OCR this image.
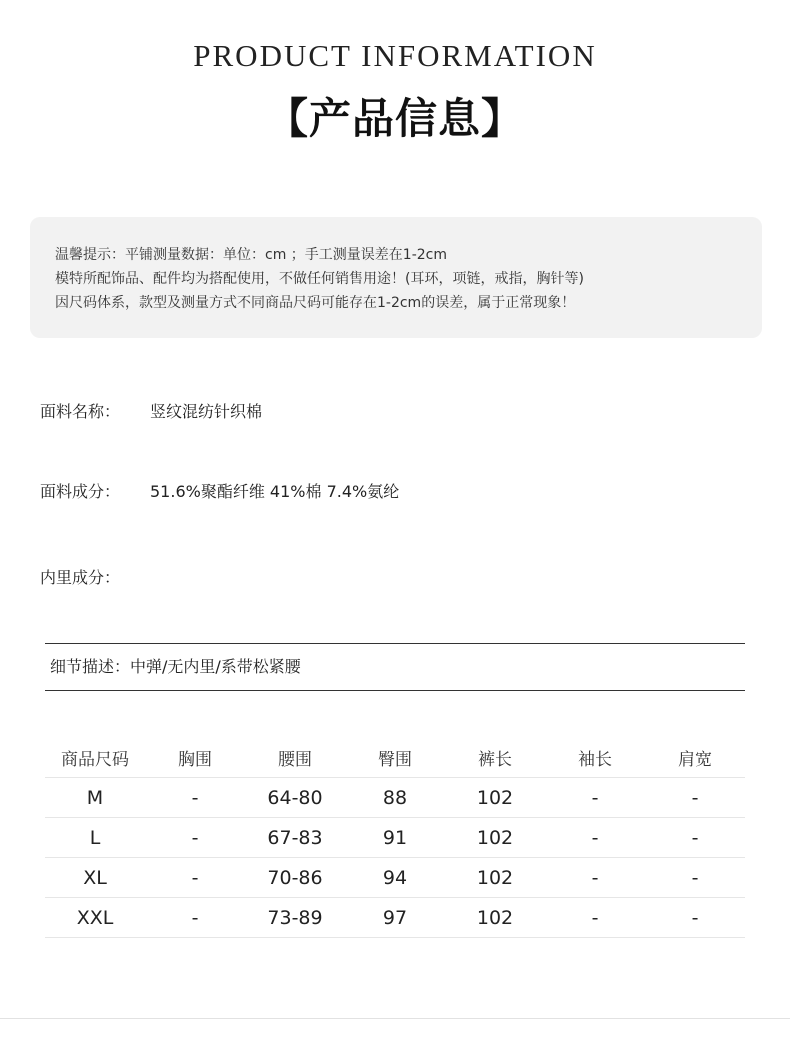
PRODUCT INFORMATION
【产品信息】
温馨提示：平铺测量数据：单位：cm ；手工测量误差在1-2cm
模特所配饰品、配件均为搭配使用，不做任何销售用途！(耳环，项链，戒指，胸针等)
因尺码体系，款型及测量方式不同商品尺码可能存在1-2cm的误差，属于正常现象！
面料名称： 竖纹混纺针织棉
面料成分： 51.6%聚酯纤维 41%棉 7.4%氨纶
内里成分：
细节描述：中弹/无内里/系带松紧腰
商品尺码	胸围	腰围	臀围	裤长	袖长	肩宽
M	-	64-80	88	102	-	-
L	-	67-83	91	102	-	-
XL	-	70-86	94	102	-	-
XXL	-	73-89	97	102	-	-
